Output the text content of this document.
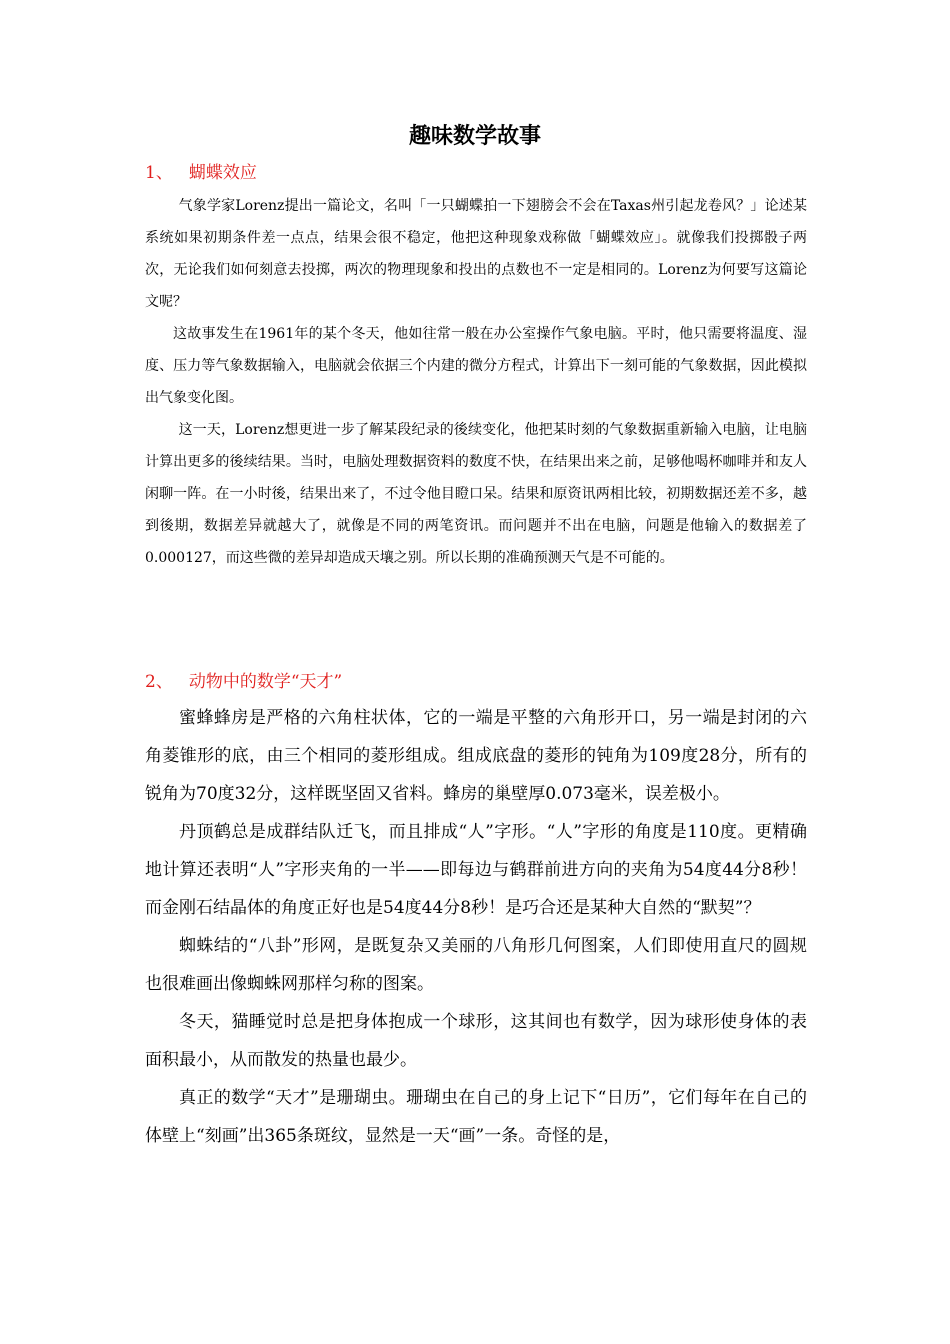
趣味数学故事
1、 蝴蝶效应

气象学家Lorenz提出一篇论文，名叫「一只蝴蝶拍一下翅膀会不会在Taxas州引起龙卷风？」论述某系统如果初期条件差一点点，结果会很不稳定，他把这种现象戏称做「蝴蝶效应」。就像我们投掷骰子两次，无论我们如何刻意去投掷，两次的物理现象和投出的点数也不一定是相同的。Lorenz为何要写这篇论文呢？

这故事发生在1961年的某个冬天，他如往常一般在办公室操作气象电脑。平时，他只需要将温度、湿度、压力等气象数据输入，电脑就会依据三个内建的微分方程式，计算出下一刻可能的气象数据，因此模拟出气象变化图。

这一天，Lorenz想更进一步了解某段纪录的後续变化，他把某时刻的气象数据重新输入电脑，让电脑计算出更多的後续结果。当时，电脑处理数据资料的数度不快，在结果出来之前，足够他喝杯咖啡并和友人闲聊一阵。在一小时後，结果出来了，不过令他目瞪口呆。结果和原资讯两相比较，初期数据还差不多，越到後期，数据差异就越大了，就像是不同的两笔资讯。而问题并不出在电脑，问题是他输入的数据差了0.000127，而这些微的差异却造成天壤之别。所以长期的准确预测天气是不可能的。

2、 动物中的数学“天才”

蜜蜂蜂房是严格的六角柱状体，它的一端是平整的六角形开口，另一端是封闭的六角菱锥形的底，由三个相同的菱形组成。组成底盘的菱形的钝角为109度28分，所有的锐角为70度32分，这样既坚固又省料。蜂房的巢壁厚0.073毫米，误差极小。

丹顶鹤总是成群结队迁飞，而且排成“人”字形。“人”字形的角度是110度。更精确地计算还表明“人”字形夹角的一半——即每边与鹤群前进方向的夹角为54度44分8秒！而金刚石结晶体的角度正好也是54度44分8秒！是巧合还是某种大自然的“默契”？

蜘蛛结的“八卦”形网，是既复杂又美丽的八角形几何图案，人们即使用直尺的圆规也很难画出像蜘蛛网那样匀称的图案。

冬天，猫睡觉时总是把身体抱成一个球形，这其间也有数学，因为球形使身体的表面积最小，从而散发的热量也最少。

真正的数学“天才”是珊瑚虫。珊瑚虫在自己的身上记下“日历”，它们每年在自己的体壁上“刻画”出365条斑纹，显然是一天“画”一条。奇怪的是，
